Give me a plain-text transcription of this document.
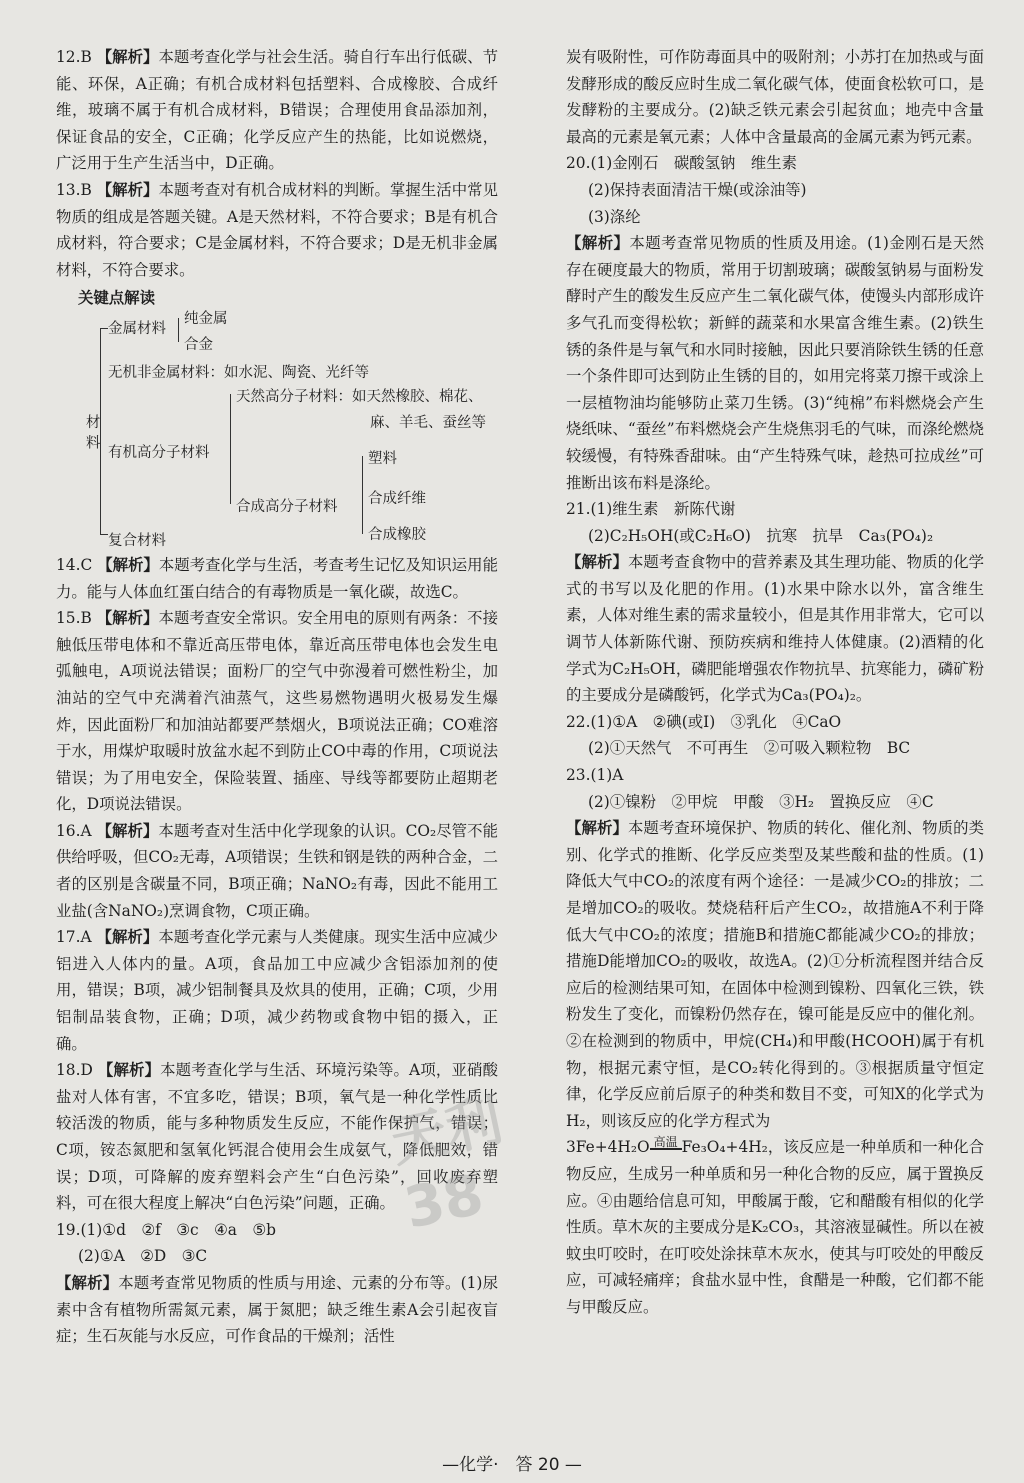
12.B 【解析】本题考查化学与社会生活。骑自行车出行低碳、节能、环保，A正确；有机合成材料包括塑料、合成橡胶、合成纤维，玻璃不属于有机合成材料，B错误；合理使用食品添加剂，保证食品的安全，C正确；化学反应产生的热能，比如说燃烧，广泛用于生产生活当中，D正确。

13.B 【解析】本题考查对有机合成材料的判断。掌握生活中常见物质的组成是答题关键。A是天然材料，不符合要求；B是有机合成材料，符合要求；C是金属材料，不符合要求；D是无机非金属材料，不符合要求。

关键点解读
材料
金属材料
纯金属
合金
无机非金属材料：如水泥、陶瓷、光纤等
有机高分子材料
天然高分子材料：如天然橡胶、棉花、
麻、羊毛、蚕丝等
合成高分子材料
塑料
合成纤维
合成橡胶
复合材料

14.C 【解析】本题考查化学与生活，考查考生记忆及知识运用能力。能与人体血红蛋白结合的有毒物质是一氧化碳，故选C。

15.B 【解析】本题考查安全常识。安全用电的原则有两条：不接触低压带电体和不靠近高压带电体，靠近高压带电体也会发生电弧触电，A项说法错误；面粉厂的空气中弥漫着可燃性粉尘，加油站的空气中充满着汽油蒸气，这些易燃物遇明火极易发生爆炸，因此面粉厂和加油站都要严禁烟火，B项说法正确；CO难溶于水，用煤炉取暖时放盆水起不到防止CO中毒的作用，C项说法错误；为了用电安全，保险装置、插座、导线等都要防止超期老化，D项说法错误。

16.A 【解析】本题考查对生活中化学现象的认识。CO₂尽管不能供给呼吸，但CO₂无毒，A项错误；生铁和钢是铁的两种合金，二者的区别是含碳量不同，B项正确；NaNO₂有毒，因此不能用工业盐(含NaNO₂)烹调食物，C项正确。

17.A 【解析】本题考查化学元素与人类健康。现实生活中应减少铝进入人体内的量。A项，食品加工中应减少含铝添加剂的使用，错误；B项，减少铝制餐具及炊具的使用，正确；C项，少用铝制品装食物，正确；D项，减少药物或食物中铝的摄入，正确。

18.D 【解析】本题考查化学与生活、环境污染等。A项，亚硝酸盐对人体有害，不宜多吃，错误；B项，氧气是一种化学性质比较活泼的物质，能与多种物质发生反应，不能作保护气，错误；C项，铵态氮肥和氢氧化钙混合使用会生成氨气，降低肥效，错误；D项，可降解的废弃塑料会产生“白色污染”，回收废弃塑料，可在很大程度上解决“白色污染”问题，正确。

19.(1)①d　②f　③c　④a　⑤b

(2)①A　②D　③C

【解析】本题考查常见物质的性质与用途、元素的分布等。(1)尿素中含有植物所需氮元素，属于氮肥；缺乏维生素A会引起夜盲症；生石灰能与水反应，可作食品的干燥剂；活性

炭有吸附性，可作防毒面具中的吸附剂；小苏打在加热或与面发酵形成的酸反应时生成二氧化碳气体，使面食松软可口，是发酵粉的主要成分。(2)缺乏铁元素会引起贫血；地壳中含量最高的元素是氧元素；人体中含量最高的金属元素为钙元素。

20.(1)金刚石　碳酸氢钠　维生素

(2)保持表面清洁干燥(或涂油等)

(3)涤纶

【解析】本题考查常见物质的性质及用途。(1)金刚石是天然存在硬度最大的物质，常用于切割玻璃；碳酸氢钠易与面粉发酵时产生的酸发生反应产生二氧化碳气体，使馒头内部形成许多气孔而变得松软；新鲜的蔬菜和水果富含维生素。(2)铁生锈的条件是与氧气和水同时接触，因此只要消除铁生锈的任意一个条件即可达到防止生锈的目的，如用完将菜刀擦干或涂上一层植物油均能够防止菜刀生锈。(3)“纯棉”布料燃烧会产生烧纸味、“蚕丝”布料燃烧会产生烧焦羽毛的气味，而涤纶燃烧较缓慢，有特殊香甜味。由“产生特殊气味，趁热可拉成丝”可推断出该布料是涤纶。

21.(1)维生素　新陈代谢

(2)C₂H₅OH(或C₂H₆O)　抗寒　抗旱　Ca₃(PO₄)₂

【解析】本题考查食物中的营养素及其生理功能、物质的化学式的书写以及化肥的作用。(1)水果中除水以外，富含维生素，人体对维生素的需求量较小，但是其作用非常大，它可以调节人体新陈代谢、预防疾病和维持人体健康。(2)酒精的化学式为C₂H₅OH，磷肥能增强农作物抗旱、抗寒能力，磷矿粉的主要成分是磷酸钙，化学式为Ca₃(PO₄)₂。

22.(1)①A　②碘(或I)　③乳化　④CaO

(2)①天然气　不可再生　②可吸入颗粒物　BC

23.(1)A

(2)①镍粉　②甲烷　甲酸　③H₂　置换反应　④C

【解析】本题考查环境保护、物质的转化、催化剂、物质的类别、化学式的推断、化学反应类型及某些酸和盐的性质。(1)降低大气中CO₂的浓度有两个途径：一是减少CO₂的排放；二是增加CO₂的吸收。焚烧秸秆后产生CO₂，故措施A不利于降低大气中CO₂的浓度；措施B和措施C都能减少CO₂的排放；措施D能增加CO₂的吸收，故选A。(2)①分析流程图并结合反应后的检测结果可知，在固体中检测到镍粉、四氧化三铁，铁粉发生了变化，而镍粉仍然存在，镍可能是反应中的催化剂。②在检测到的物质中，甲烷(CH₄)和甲酸(HCOOH)属于有机物，根据元素守恒，是CO₂转化得到的。③根据质量守恒定律，化学反应前后原子的种类和数目不变，可知X的化学式为H₂，则该反应的化学方程式为

3Fe+4H₂O 高温 Fe₃O₄+4H₂，该反应是一种单质和一种化合物反应，生成另一种单质和另一种化合物的反应，属于置换反应。④由题给信息可知，甲酸属于酸，它和醋酸有相似的化学性质。草木灰的主要成分是K₂CO₃，其溶液显碱性。所以在被蚊虫叮咬时，在叮咬处涂抹草木灰水，使其与叮咬处的甲酸反应，可减轻痛痒；食盐水显中性，食醋是一种酸，它们都不能与甲酸反应。

天利38
—化学·　答 20 —
